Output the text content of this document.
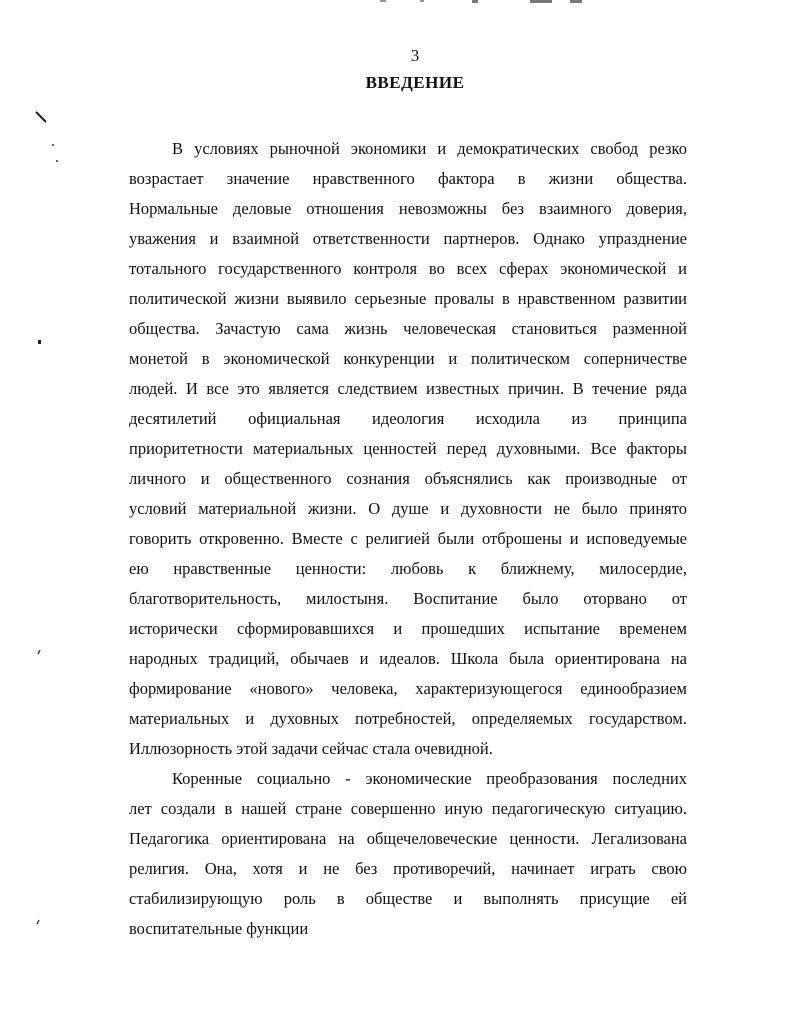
3
ВВЕДЕНИЕ
В условиях рыночной экономики и демократических свобод резко
возрастает значение нравственного фактора в жизни общества.
Нормальные деловые отношения невозможны без взаимного доверия,
уважения и взаимной ответственности партнеров. Однако упразднение
тотального государственного контроля во всех сферах экономической и
политической жизни выявило серьезные провалы в нравственном развитии
общества. Зачастую сама жизнь человеческая становиться разменной
монетой в экономической конкуренции и политическом соперничестве
людей. И все это является следствием известных причин. В течение ряда
десятилетий официальная идеология исходила из принципа
приоритетности материальных ценностей перед духовными. Все факторы
личного и общественного сознания объяснялись как производные от
условий материальной жизни. О душе и духовности не было принято
говорить откровенно. Вместе с религией были отброшены и исповедуемые
ею нравственные ценности: любовь к ближнему, милосердие,
благотворительность, милостыня. Воспитание было оторвано от
исторически сформировавшихся и прошедших испытание временем
народных традиций, обычаев и идеалов. Школа была ориентирована на
формирование «нового» человека, характеризующегося единообразием
материальных и духовных потребностей, определяемых государством.
Иллюзорность этой задачи сейчас стала очевидной.
Коренные социально - экономические преобразования последних
лет создали в нашей стране совершенно иную педагогическую ситуацию.
Педагогика ориентирована на общечеловеческие ценности. Легализована
религия. Она, хотя и не без противоречий, начинает играть свою
стабилизирующую роль в обществе и выполнять присущие ей
воспитательные функции
